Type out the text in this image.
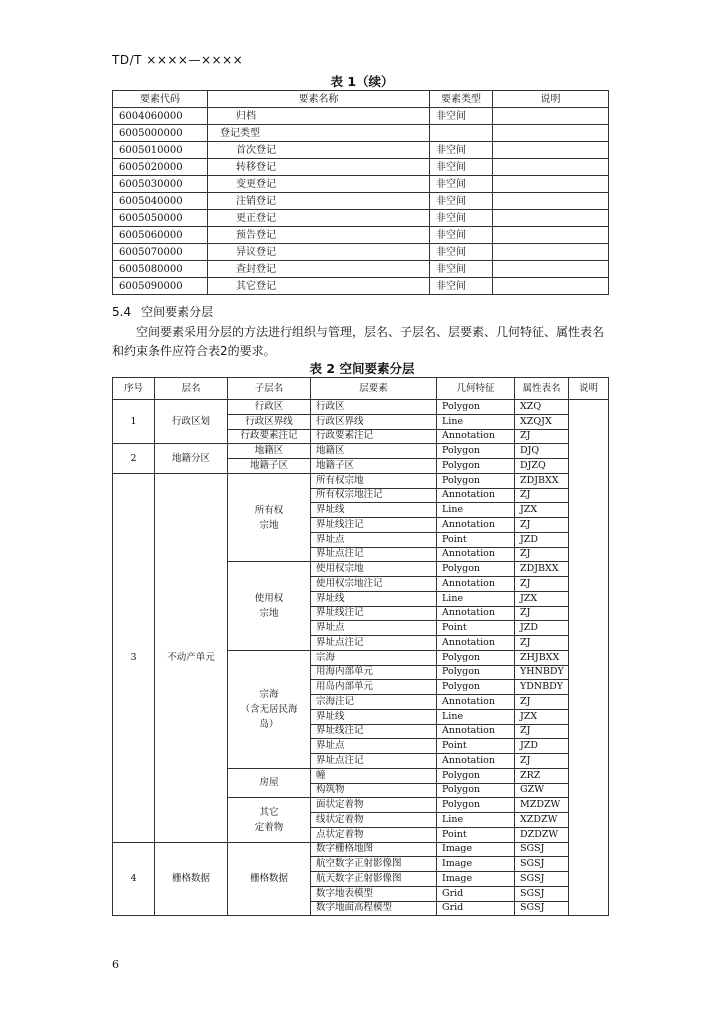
TD/T ××××—××××
表 1（续）
要素代码	要素名称	要素类型	说明
6004060000	归档	非空间	
6005000000	登记类型		
6005010000	首次登记	非空间	
6005020000	转移登记	非空间	
6005030000	变更登记	非空间	
6005040000	注销登记	非空间	
6005050000	更正登记	非空间	
6005060000	预告登记	非空间	
6005070000	异议登记	非空间	
6005080000	查封登记	非空间	
6005090000	其它登记	非空间	
5.4 空间要素分层
空间要素采用分层的方法进行组织与管理，层名、子层名、层要素、几何特征、属性表名和约束条件应符合表2的要求。
表 2 空间要素分层
序号	层名	子层名	层要素	几何特征	属性表名	说明
1	行政区划	行政区	行政区	Polygon	XZQ	

		行政区界线	行政区界线	Line	XZQJX	

		行政要素注记	行政要素注记	Annotation	ZJ	
2	地籍分区	地籍区	地籍区	Polygon	DJQ	

		地籍子区	地籍子区	Polygon	DJZQ	
3	不动产单元	所有权
宗地	所有权宗地	Polygon	ZDJBXX	
			所有权宗地注记	Annotation	ZJ	
			界址线	Line	JZX	
			界址线注记	Annotation	ZJ	
			界址点	Point	JZD	
			界址点注记	Annotation	ZJ	

		使用权
宗地	使用权宗地	Polygon	ZDJBXX	
			使用权宗地注记	Annotation	ZJ	
			界址线	Line	JZX	
			界址线注记	Annotation	ZJ	
			界址点	Point	JZD	
			界址点注记	Annotation	ZJ	

		宗海
（含无居民海
岛）	宗海	Polygon	ZHJBXX	
			用海内部单元	Polygon	YHNBDY	
			用岛内部单元	Polygon	YDNBDY	
			宗海注记	Annotation	ZJ	
			界址线	Line	JZX	
			界址线注记	Annotation	ZJ	
			界址点	Point	JZD	
			界址点注记	Annotation	ZJ	

		房屋	幢	Polygon	ZRZ	
			构筑物	Polygon	GZW	

		其它
定着物	面状定着物	Polygon	MZDZW	
			线状定着物	Line	XZDZW	
			点状定着物	Point	DZDZW	
4	栅格数据	栅格数据	数字栅格地图	Image	SGSJ	
			航空数字正射影像图	Image	SGSJ	
			航天数字正射影像图	Image	SGSJ	
			数字地表模型	Grid	SGSJ	
			数字地面高程模型	Grid	SGSJ	
6
